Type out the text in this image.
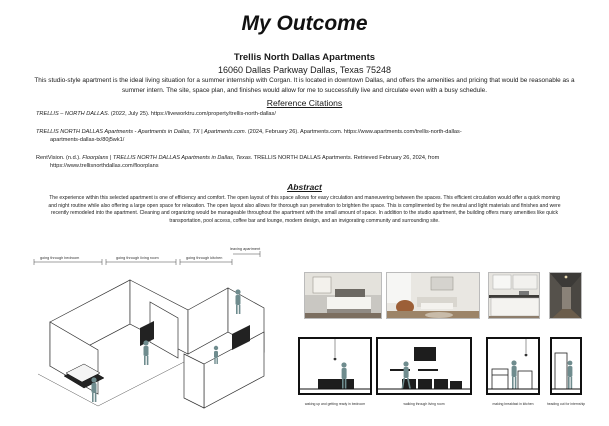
My Outcome
Trellis North Dallas Apartments
16060 Dallas Parkway Dallas, Texas 75248
This studio-style apartment is the ideal living situation for a summer internship with Corgan. It is located in downtown Dallas, and offers the amenities and pricing that would be reasonable as a summer intern. The site, space plan, and finishes would allow for me to successfully live and circulate even with a busy schedule.
Reference Citations
TRELLIS – NORTH DALLAS. (2022, July 25). https://liveworktru.com/property/trellis-north-dallas/
TRELLIS NORTH DALLAS Apartments - Apartments in Dallas, TX | Apartments.com. (2024, February 26). Apartments.com. https://www.apartments.com/trellis-north-dallas-
apartments-dallas-tx/80j5wk1/
RentVision. (n.d.). Floorplans | TRELLIS NORTH DALLAS Apartments in Dallas, Texas. TRELLIS NORTH DALLAS Apartments. Retrieved February 26, 2024, from
https://www.trellisnorthdallas.com/floorplans
Abstract
The experience within this selected apartment is one of efficiency and comfort. The open layout of this space allows for easy circulation and maneuvering between the spaces. This efficient circulation would offer a quick morning and night routine while also offering a large open space for relaxation. The open layout also allows for thorough sun penetration to brighten the space. This is complimented by the neutral and light materials and finishes and were recently remodeled into the apartment. Cleaning and organizing would be manageable throughout the apartment with the small amount of space. In addition to the studio apartment, the building offers many amenities like quick transportation, pool access, coffee bar and lounge, modern design, and an invigorating community and surrounding site.
going through bedroom	going through living room	going through kitchen
leaving apartment
waking up and getting ready in bedroom	walking through living room	making breakfast in kitchen	heading out for internship
